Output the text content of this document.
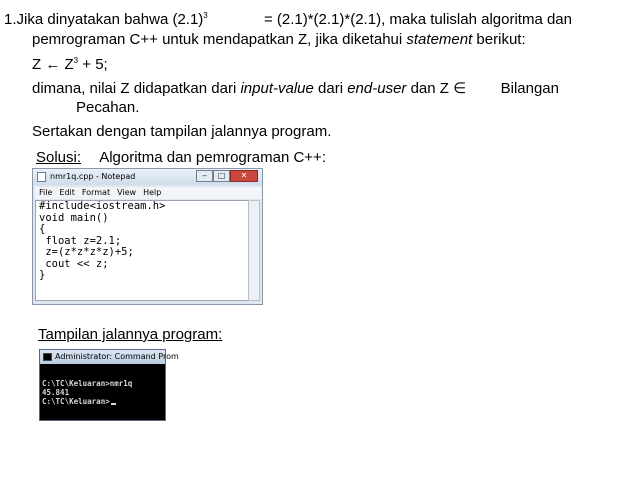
1.Jika dinyatakan bahwa $(2.1)^3$	= (2.1)*(2.1)*(2.1), maka tulislah algoritma dan
pemrograman C++ untuk mendapatkan Z, jika diketahui statement berikut:
Z ← $Z^3 + 5$;
dimana, nilai Z didapatkan dari input-value dari end-user dan Z ∈ Bilangan
Pecahan.
Sertakan dengan tampilan jalannya program.
Solusi: Algoritma dan pemrograman C++:
nmr1q.cpp - Notepad	‒	□	✕
File Edit Format View Help
#include<iostream.h>
void main()
{
float z=2.1;
z=(z*z*z*z)+5;
cout << z;
}
Tampilan jalannya program:
Administrator: Command Prom
C:\TC\Keluaran>nmr1q
45.841
C:\TC\Keluaran>
